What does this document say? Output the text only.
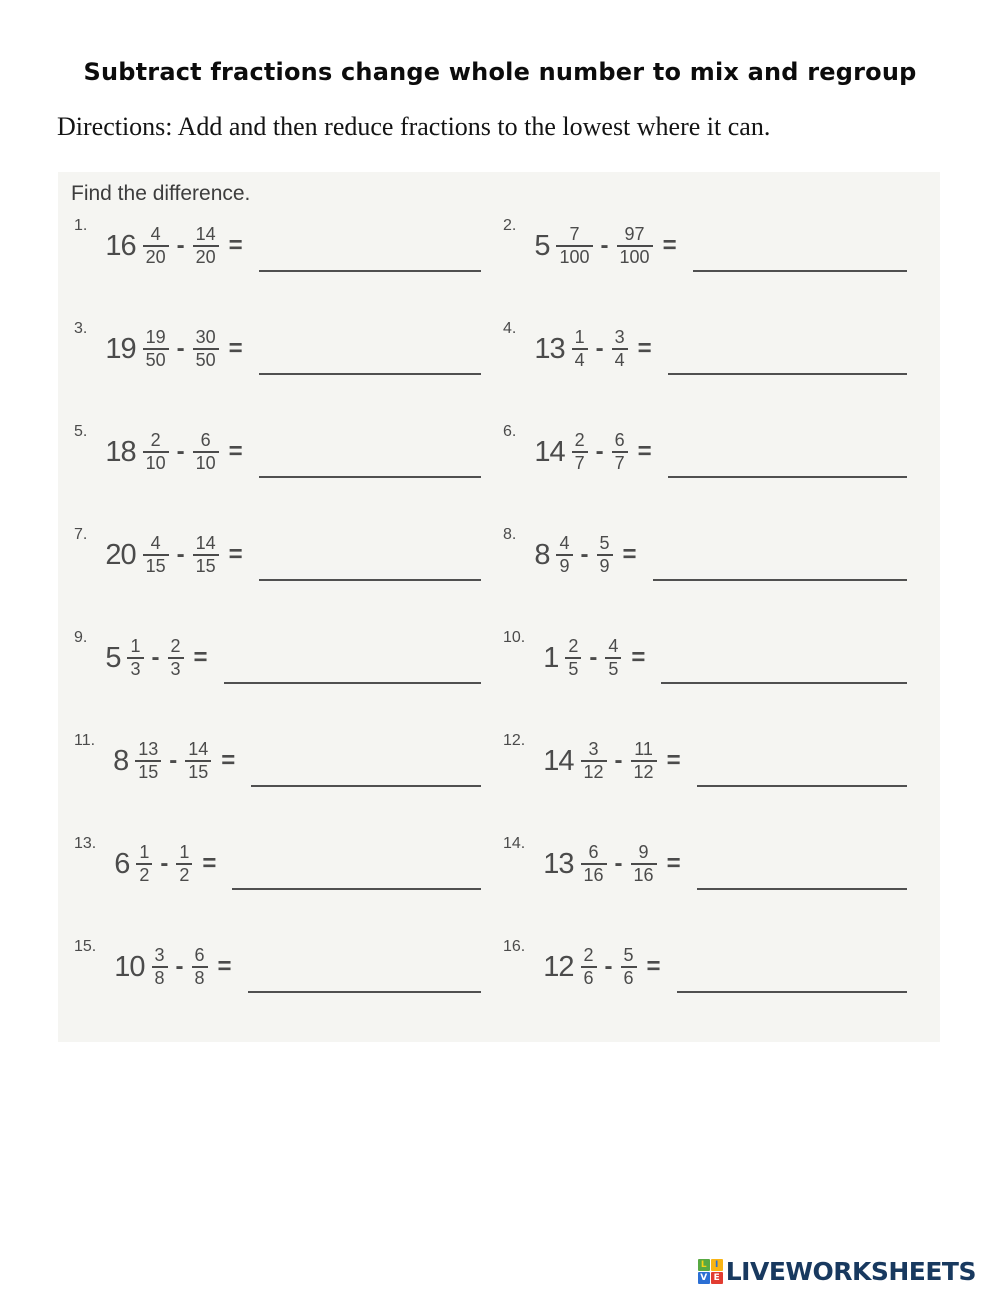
Subtract fractions change whole number to mix and regroup
Directions: Add and then reduce fractions to the lowest where it can.
Find the difference.
1.
$16 \frac{4}{20} - \frac{14}{20}$ =
2.
$5 \frac{7}{100} - \frac{97}{100}$ =
3.
$19 \frac{19}{50} - \frac{30}{50}$ =
4.
$13 \frac{1}{4} - \frac{3}{4}$ =
5.
$18 \frac{2}{10} - \frac{6}{10}$ =
6.
$14 \frac{2}{7} - \frac{6}{7}$ =
7.
$20 \frac{4}{15} - \frac{14}{15}$ =
8.
$8 \frac{4}{9} - \frac{5}{9}$ =
9.
$5 \frac{1}{3} - \frac{2}{3}$ =
10.
$1 \frac{2}{5} - \frac{4}{5}$ =
11.
$8 \frac{13}{15} - \frac{14}{15}$ =
12.
$14 \frac{3}{12} - \frac{11}{12}$ =
13.
$6 \frac{1}{2} - \frac{1}{2}$ =
14.
$13 \frac{6}{16} - \frac{9}{16}$ =
15.
$10 \frac{3}{8} - \frac{6}{8}$ =
16.
$12 \frac{2}{6} - \frac{5}{6}$ =
L I
V E LIVEWORKSHEETS
